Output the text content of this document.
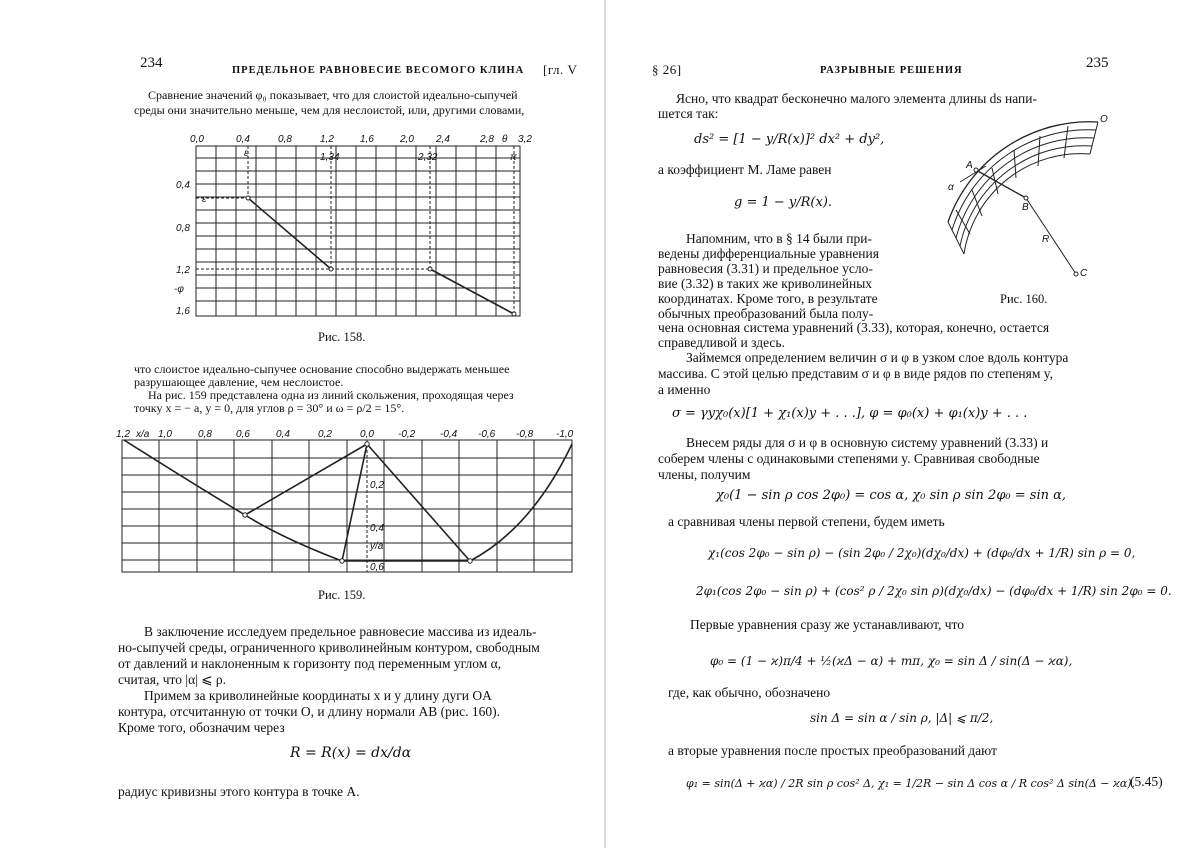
234	ПРЕДЕЛЬНОЕ РАВНОВЕСИЕ ВЕСОМОГО КЛИНА [гл. V
Сравнение значений φ₀ показывает, что для слоистой идеально-сыпучей
среды они значительно меньше, чем для неслоистой, или, другими словами,
0,0	0,4	0,8	1,2	1,6	2,0 2,4	2,8 θ 3,2
0,4
0,8
1,2
-φ
1,6
ε	1,34	2,32	π
ε
Рис. 158.
что слоистое идеально-сыпучее основание способно выдержать меньшее
разрушающее давление, чем неслоистое.
На рис. 159 представлена одна из линий скольжения, проходящая через
точку x = − a, y = 0, для углов ρ = 30° и ω = ρ/2 = 15°.
1,2 x/a 1,0	0,8 0,6	0,4	0,2	0,0 -0,2 -0,4 -0,6 -0,8 -1,0
0,2
0,4
y/a
0,6
Рис. 159.
В заключение исследуем предельное равновесие массива из идеаль-
но-сыпучей среды, ограниченного криволинейным контуром, свободным
от давлений и наклоненным к горизонту под переменным углом α,
считая, что |α| ⩽ ρ.
Примем за криволинейные координаты x и y длину дуги OA
контура, отсчитанную от точки O, и длину нормали AB (рис. 160).
Кроме того, обозначим через
R = R(x) = dx/dα
радиус кривизны этого контура в точке A.
§ 26]	РАЗРЫВНЫЕ РЕШЕНИЯ	235
Ясно, что квадрат бесконечно малого элемента длины ds напи-
шется так:
ds² = [1 − y/R(x)]² dx² + dy²,
а коэффициент М. Ламе равен
g = 1 − y/R(x).
Напомним, что в § 14 были при-
ведены дифференциальные уравнения
равновесия (3.31) и предельное усло-
вие (3.32) в таких же криволинейных
координатах. Кроме того, в результате
обычных преобразований была полу-
O
A
α
B
R
C
Рис. 160.
чена основная система уравнений (3.33), которая, конечно, остается
справедливой и здесь.
Займемся определением величин σ и φ в узком слое вдоль контура
массива. С этой целью представим σ и φ в виде рядов по степеням y,
а именно
σ = γyχ₀(x)[1 + χ₁(x)y + . . .], φ = φ₀(x) + φ₁(x)y + . . .
Внесем ряды для σ и φ в основную систему уравнений (3.33) и
соберем члены с одинаковыми степенями y. Сравнивая свободные
члены, получим
χ₀(1 − sin ρ cos 2φ₀) = cos α, χ₀ sin ρ sin 2φ₀ = sin α,
а сравнивая члены первой степени, будем иметь
χ₁(cos 2φ₀ − sin ρ) − (sin 2φ₀ / 2χ₀)(dχ₀/dx) + (dφ₀/dx + 1/R) sin ρ = 0,
2φ₁(cos 2φ₀ − sin ρ) + (cos² ρ / 2χ₀ sin ρ)(dχ₀/dx) − (dφ₀/dx + 1/R) sin 2φ₀ = 0.
Первые уравнения сразу же устанавливают, что
φ₀ = (1 − ϰ)π/4 + ½(ϰΔ − α) + mπ, χ₀ = sin Δ / sin(Δ − ϰα),
где, как обычно, обозначено
sin Δ = sin α / sin ρ, |Δ| ⩽ π/2,
а вторые уравнения после простых преобразований дают
φ₁ = sin(Δ + ϰα) / 2R sin ρ cos² Δ, χ₁ = 1/2R − sin Δ cos α / R cos² Δ sin(Δ − ϰα).
(5.45)
